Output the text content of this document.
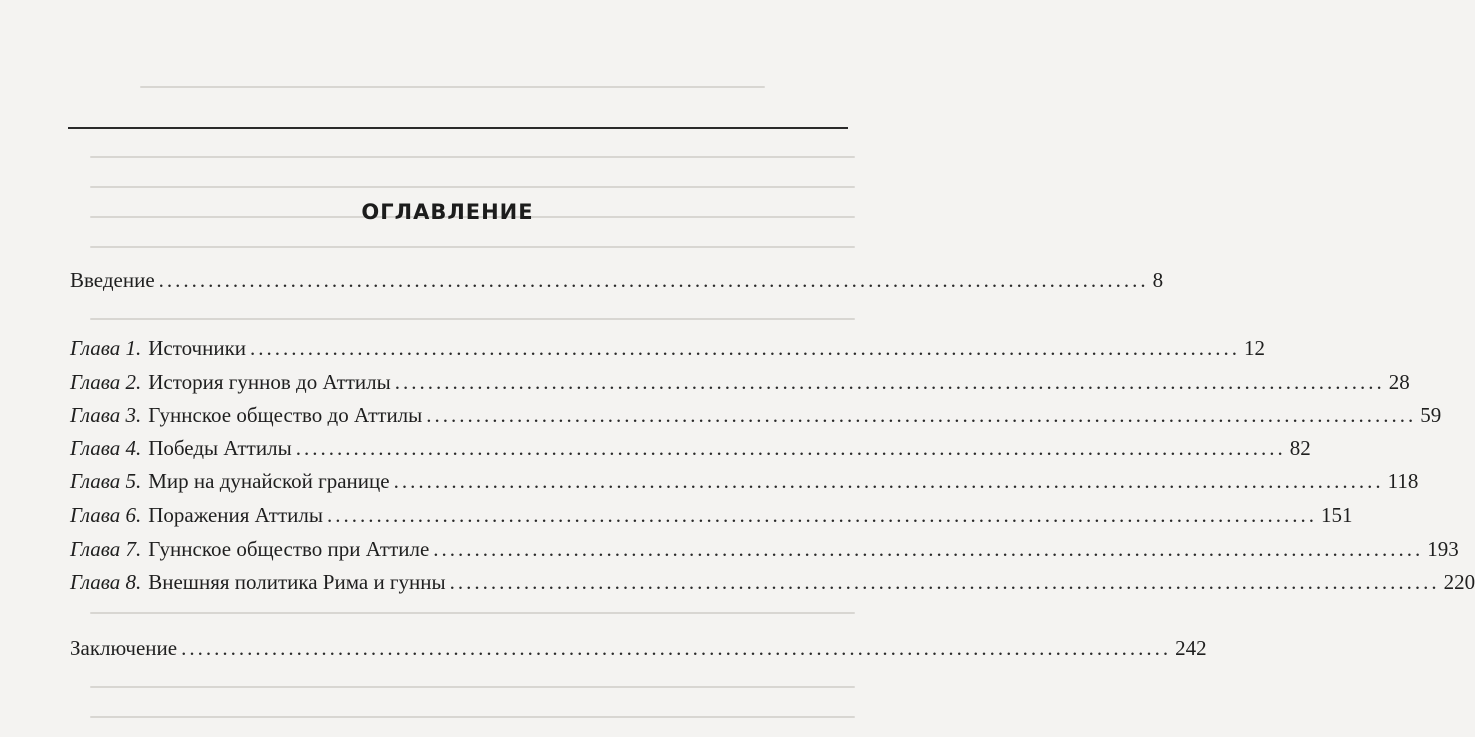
ОГЛАВЛЕНИЕ
Введение ........................................................................................................................ 8
Глава 1. Источники ........................................................................................................................ 12
Глава 2. История гуннов до Аттилы ........................................................................................................................ 28
Глава 3. Гуннское общество до Аттилы ........................................................................................................................ 59
Глава 4. Победы Аттилы ........................................................................................................................ 82
Глава 5. Мир на дунайской границе ........................................................................................................................ 118
Глава 6. Поражения Аттилы ........................................................................................................................ 151
Глава 7. Гуннское общество при Аттиле ........................................................................................................................ 193
Глава 8. Внешняя политика Рима и гунны ........................................................................................................................ 220
Заключение ........................................................................................................................ 242
